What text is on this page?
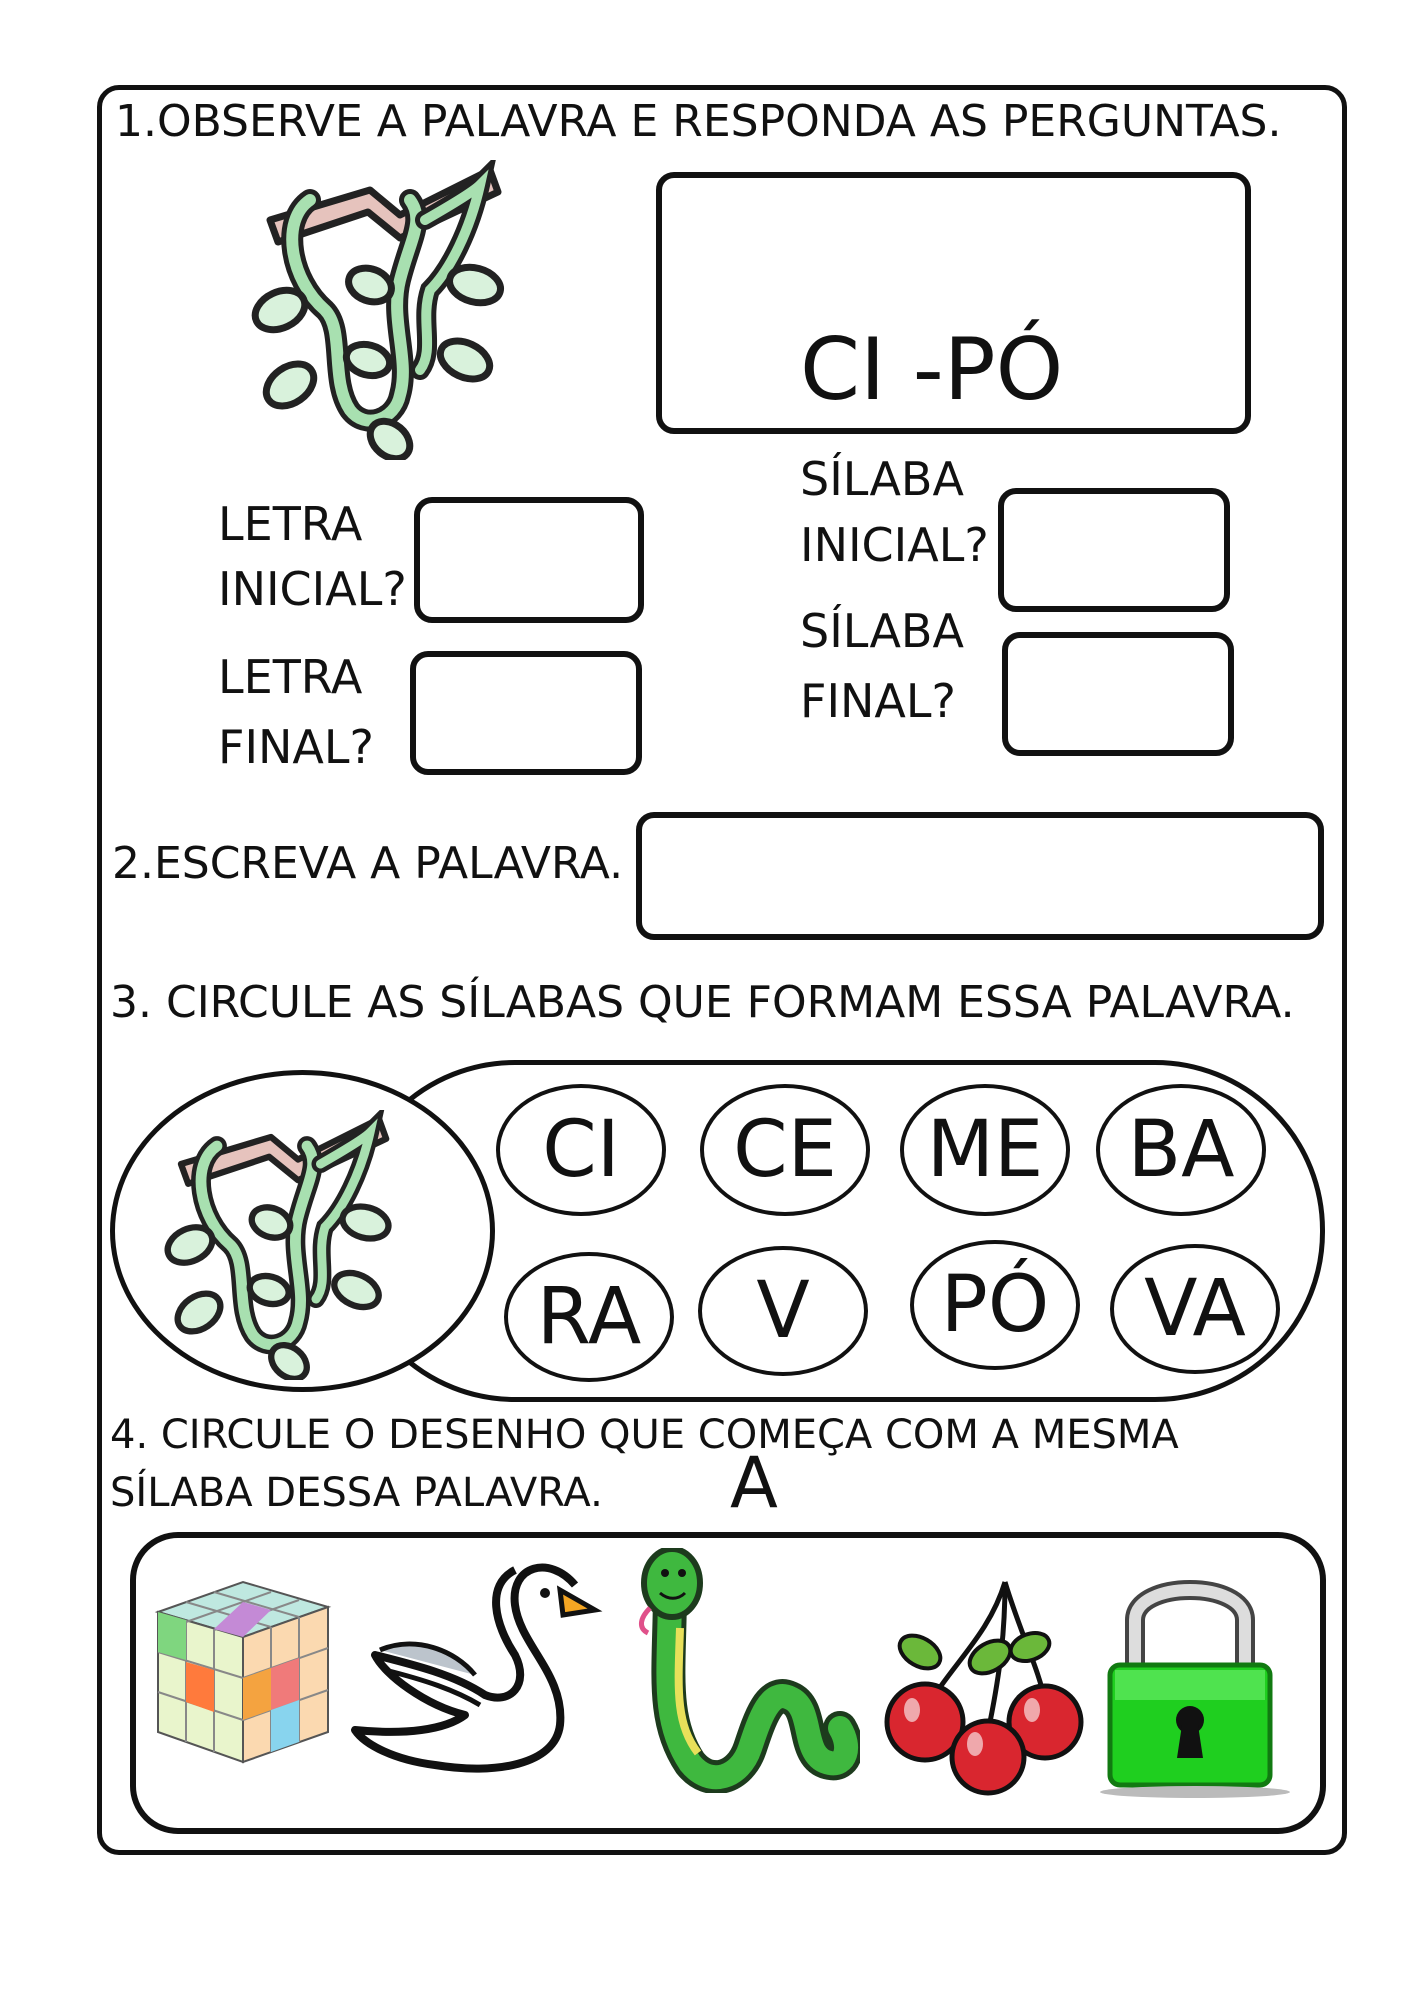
1.OBSERVE A PALAVRA E RESPONDA AS PERGUNTAS.
CI -PÓ
LETRA
INICIAL?
LETRA
FINAL?
SÍLABA
INICIAL?
SÍLABA
FINAL?
2.ESCREVA A PALAVRA.
3. CIRCULE AS SÍLABAS QUE FORMAM ESSA PALAVRA.
CI	CE	ME	BA
RA	V	PÓ	VA
4. CIRCULE O DESENHO QUE COMEÇA COM A MESMA
SÍLABA DESSA PALAVRA. A
